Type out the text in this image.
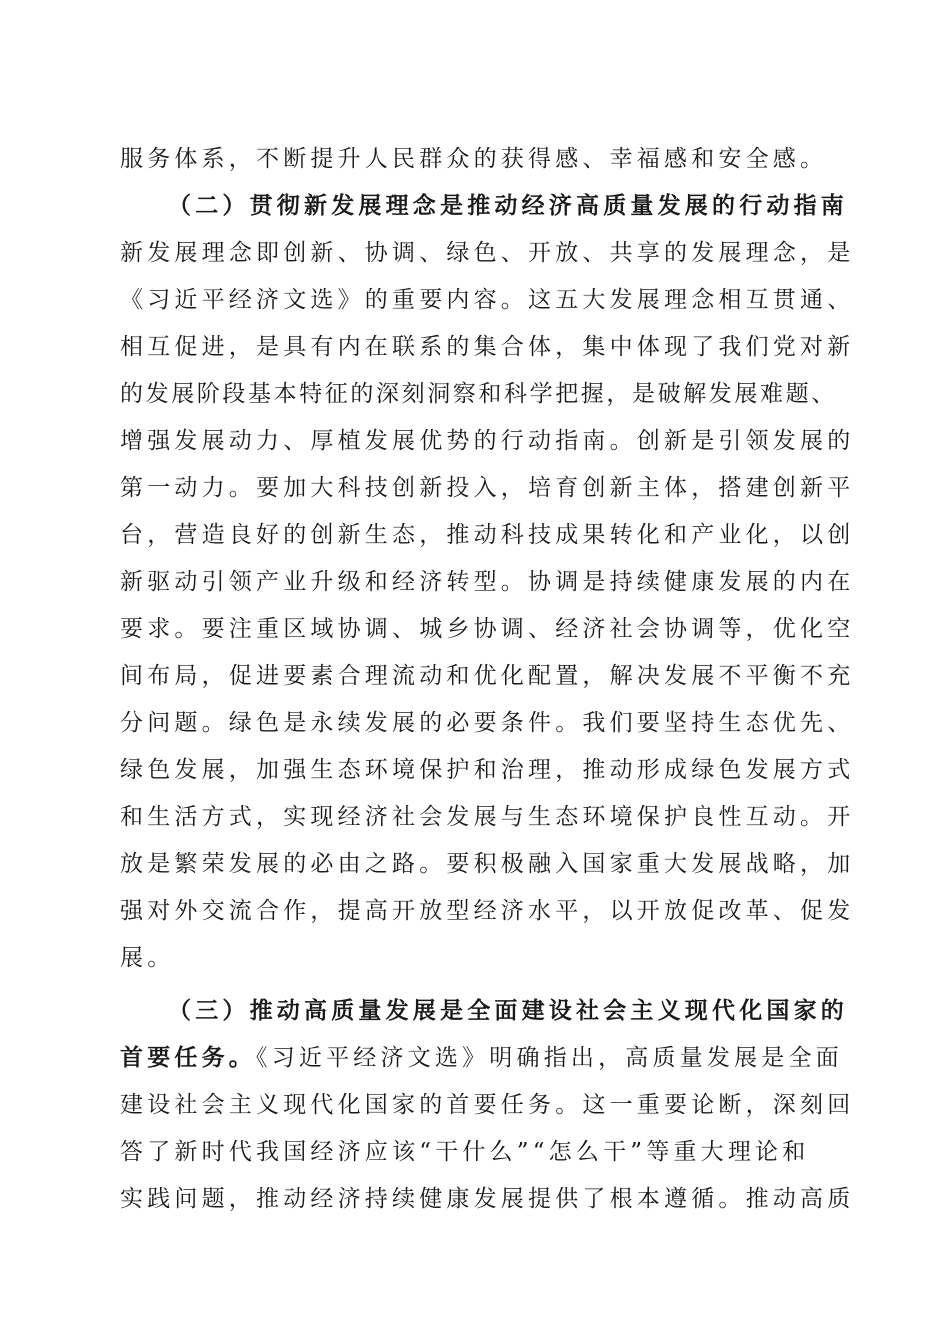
服务体系，不断提升人民群众的获得感、幸福感和安全感。
（二）贯彻新发展理念是推动经济高质量发展的行动指南
新发展理念即创新、协调、绿色、开放、共享的发展理念，是
《习近平经济文选》的重要内容。这五大发展理念相互贯通、
相互促进，是具有内在联系的集合体，集中体现了我们党对新
的发展阶段基本特征的深刻洞察和科学把握，是破解发展难题、
增强发展动力、厚植发展优势的行动指南。创新是引领发展的
第一动力。要加大科技创新投入，培育创新主体，搭建创新平
台，营造良好的创新生态，推动科技成果转化和产业化，以创
新驱动引领产业升级和经济转型。协调是持续健康发展的内在
要求。要注重区域协调、城乡协调、经济社会协调等，优化空
间布局，促进要素合理流动和优化配置，解决发展不平衡不充
分问题。绿色是永续发展的必要条件。我们要坚持生态优先、
绿色发展，加强生态环境保护和治理，推动形成绿色发展方式
和生活方式，实现经济社会发展与生态环境保护良性互动。开
放是繁荣发展的必由之路。要积极融入国家重大发展战略，加
强对外交流合作，提高开放型经济水平，以开放促改革、促发
展。
（三）推动高质量发展是全面建设社会主义现代化国家的
首要任务。《习近平经济文选》明确指出，高质量发展是全面
建设社会主义现代化国家的首要任务。这一重要论断，深刻回
答了新时代我国经济应该“干什么”“怎么干”等重大理论和
实践问题，推动经济持续健康发展提供了根本遵循。推动高质
